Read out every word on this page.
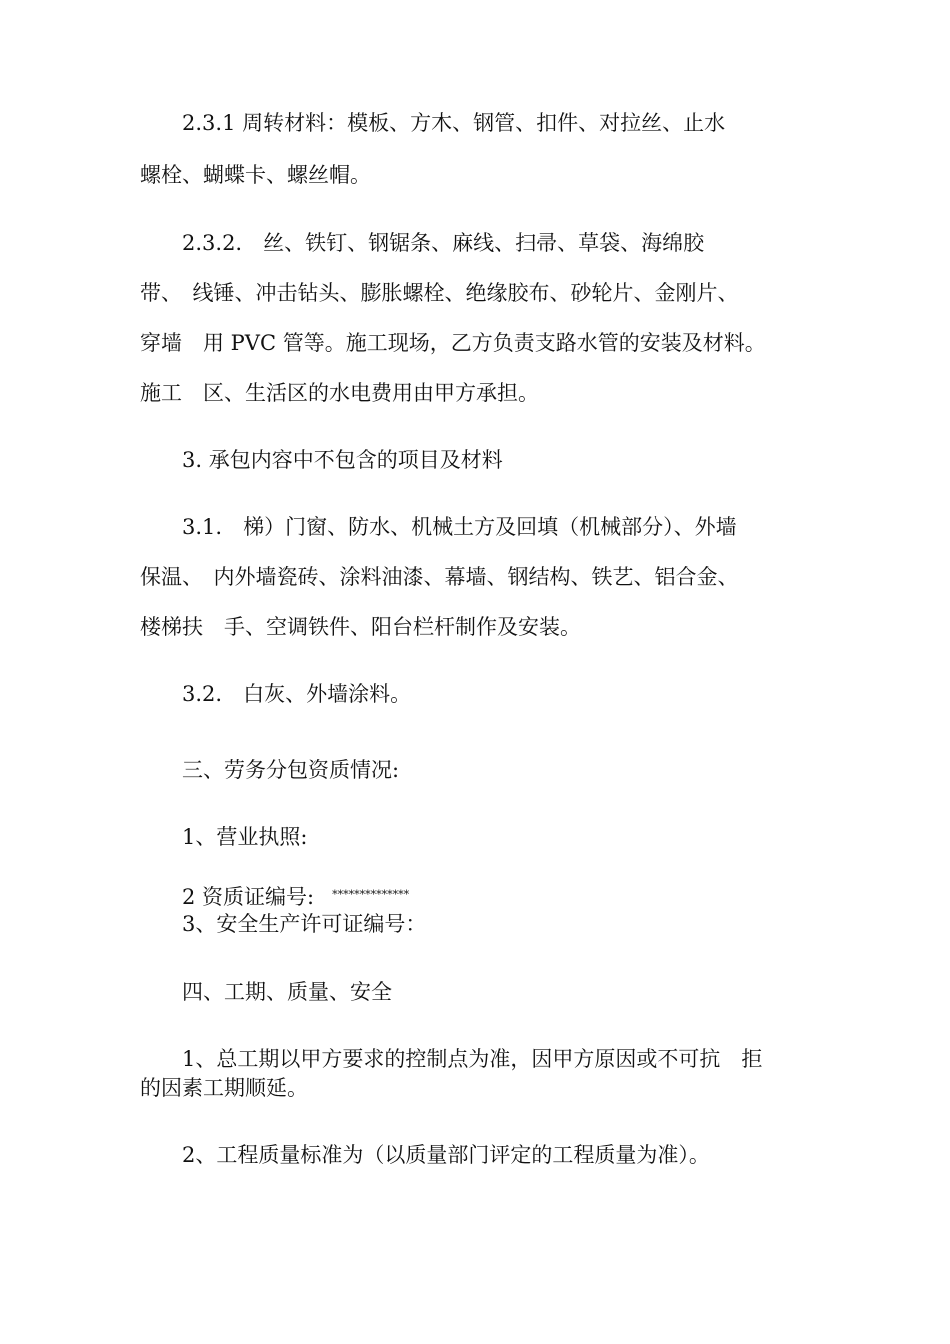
　　2.3.1 周转材料：模板、方木、钢管、扣件、对拉丝、止水
螺栓、蝴蝶卡、螺丝帽。
　　2.3.2.　丝、铁钉、钢锯条、麻线、扫帚、草袋、海绵胶
带、　线锤、冲击钻头、膨胀螺栓、绝缘胶布、砂轮片、金刚片、
穿墙　用 PVC 管等。施工现场，乙方负责支路水管的安装及材料。
施工　区、生活区的水电费用由甲方承担。
　　3. 承包内容中不包含的项目及材料
　　3.1.　梯）门窗、防水、机械土方及回填（机械部分）、外墙
保温、　内外墙瓷砖、涂料油漆、幕墙、钢结构、铁艺、铝合金、
楼梯扶　手、空调铁件、阳台栏杆制作及安装。
　　3.2.　白灰、外墙涂料。
　　三、劳务分包资质情况:
　　1、营业执照:
　　2 资质证编号: **************
　　3、安全生产许可证编号：
　　四、工期、质量、安全
　　1、总工期以甲方要求的控制点为准，因甲方原因或不可抗　拒
的因素工期顺延。
　　2、工程质量标准为（以质量部门评定的工程质量为准）。
